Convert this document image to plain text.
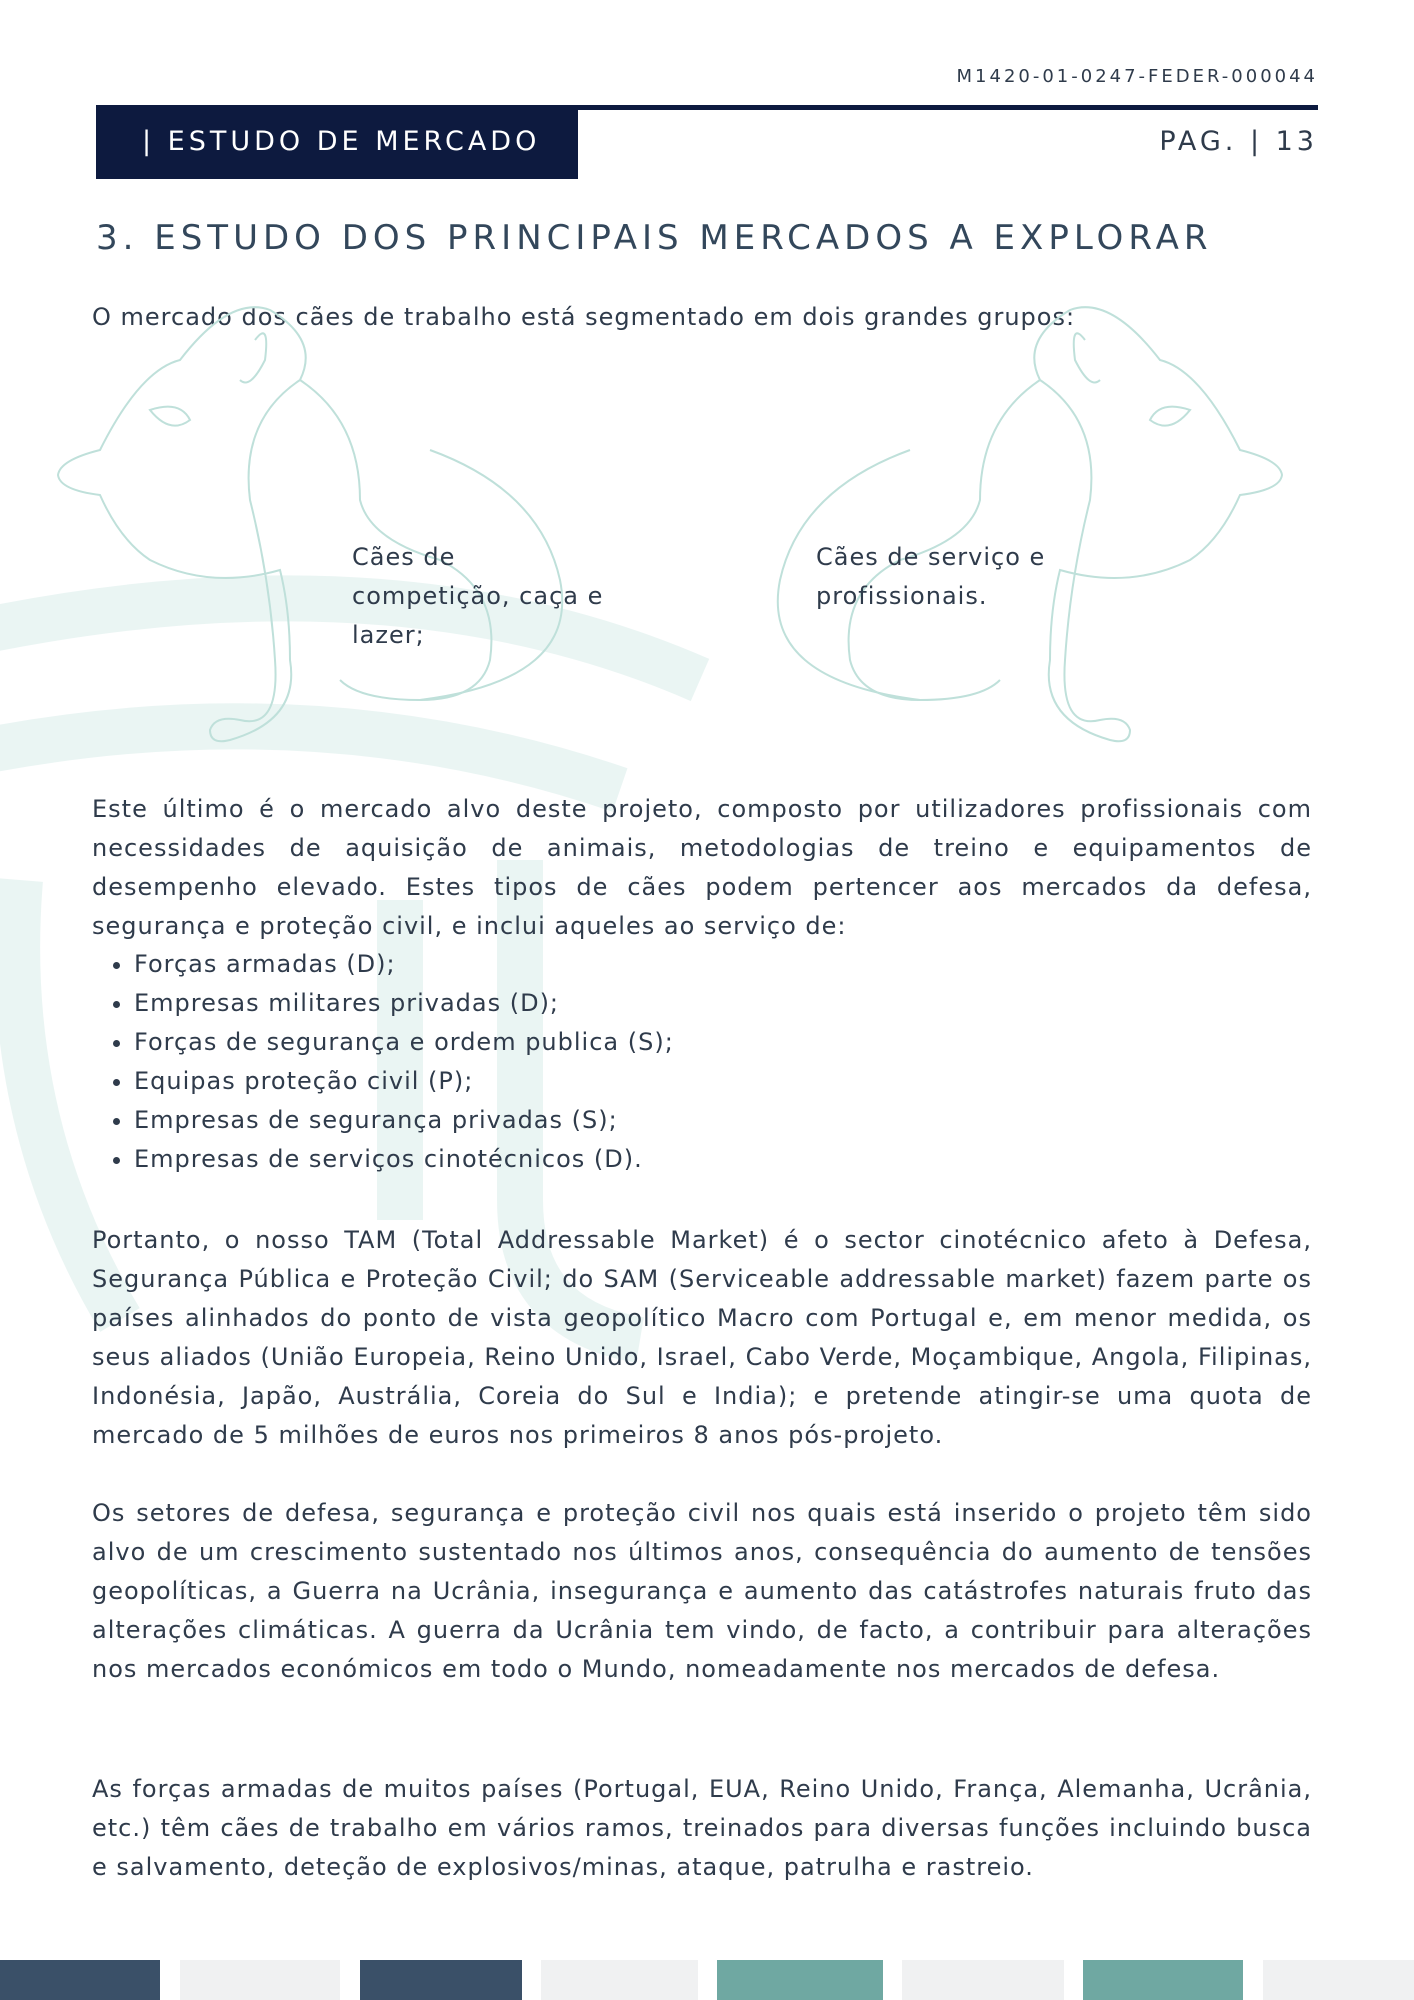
M1420-01-0247-FEDER-000044
| ESTUDO DE MERCADO	PAG. | 13
3. ESTUDO DOS PRINCIPAIS MERCADOS A EXPLORAR

O mercado dos cães de trabalho está segmentado em dois grandes grupos:

Cães de competição, caça e lazer;
Cães de serviço e profissionais.

Este último é o mercado alvo deste projeto, composto por utilizadores profissionais com necessidades de aquisição de animais, metodologias de treino e equipamentos de desempenho elevado. Estes tipos de cães podem pertencer aos mercados da defesa, segurança e proteção civil, e inclui aqueles ao serviço de:

• Forças armadas (D);
• Empresas militares privadas (D);
• Forças de segurança e ordem publica (S);
• Equipas proteção civil (P);
• Empresas de segurança privadas (S);
• Empresas de serviços cinotécnicos (D).

Portanto, o nosso TAM (Total Addressable Market) é o sector cinotécnico afeto à Defesa, Segurança Pública e Proteção Civil; do SAM (Serviceable addressable market) fazem parte os países alinhados do ponto de vista geopolítico Macro com Portugal e, em menor medida, os seus aliados (União Europeia, Reino Unido, Israel, Cabo Verde, Moçambique, Angola, Filipinas, Indonésia, Japão, Austrália, Coreia do Sul e India); e pretende atingir-se uma quota de mercado de 5 milhões de euros nos primeiros 8 anos pós-projeto.

Os setores de defesa, segurança e proteção civil nos quais está inserido o projeto têm sido alvo de um crescimento sustentado nos últimos anos, consequência do aumento de tensões geopolíticas, a Guerra na Ucrânia, insegurança e aumento das catástrofes naturais fruto das alterações climáticas. A guerra da Ucrânia tem vindo, de facto, a contribuir para alterações nos mercados económicos em todo o Mundo, nomeadamente nos mercados de defesa.

As forças armadas de muitos países (Portugal, EUA, Reino Unido, França, Alemanha, Ucrânia, etc.) têm cães de trabalho em vários ramos, treinados para diversas funções incluindo busca e salvamento, deteção de explosivos/minas, ataque, patrulha e rastreio.
